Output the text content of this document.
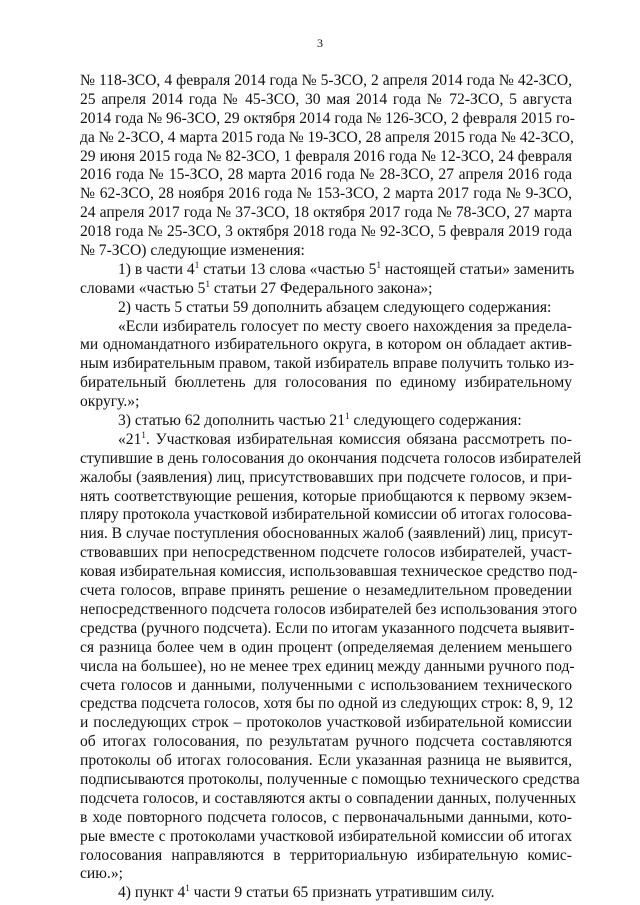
3
№ 118-ЗСО, 4 февраля 2014 года № 5-ЗСО, 2 апреля 2014 года № 42-ЗСО,
25 апреля 2014 года № 45-ЗСО, 30 мая 2014 года № 72-ЗСО, 5 августа
2014 года № 96-ЗСО, 29 октября 2014 года № 126-ЗСО, 2 февраля 2015 го-
да № 2-ЗСО, 4 марта 2015 года № 19-ЗСО, 28 апреля 2015 года № 42-ЗСО,
29 июня 2015 года № 82-ЗСО, 1 февраля 2016 года № 12-ЗСО, 24 февраля
2016 года № 15-ЗСО, 28 марта 2016 года № 28-ЗСО, 27 апреля 2016 года
№ 62-ЗСО, 28 ноября 2016 года № 153-ЗСО, 2 марта 2017 года № 9-ЗСО,
24 апреля 2017 года № 37-ЗСО, 18 октября 2017 года № 78-ЗСО, 27 марта
2018 года № 25-ЗСО, 3 октября 2018 года № 92-ЗСО, 5 февраля 2019 года
№ 7-ЗСО) следующие изменения:
1) в части $4^1$ статьи 13 слова «частью $5^1$ настоящей статьи» заменить
словами «частью $5^1$ статьи 27 Федерального закона»;
2) часть 5 статьи 59 дополнить абзацем следующего содержания:
«Если избиратель голосует по месту своего нахождения за предела-
ми одномандатного избирательного округа, в котором он обладает актив-
ным избирательным правом, такой избиратель вправе получить только из-
бирательный бюллетень для голосования по единому избирательному
округу.»;
3) статью 62 дополнить частью $21^1$ следующего содержания:
«$21^1$. Участковая избирательная комиссия обязана рассмотреть по-
ступившие в день голосования до окончания подсчета голосов избирателей
жалобы (заявления) лиц, присутствовавших при подсчете голосов, и при-
нять соответствующие решения, которые приобщаются к первому экзем-
пляру протокола участковой избирательной комиссии об итогах голосова-
ния. В случае поступления обоснованных жалоб (заявлений) лиц, присут-
ствовавших при непосредственном подсчете голосов избирателей, участ-
ковая избирательная комиссия, использовавшая техническое средство под-
счета голосов, вправе принять решение о незамедлительном проведении
непосредственного подсчета голосов избирателей без использования этого
средства (ручного подсчета). Если по итогам указанного подсчета выявит-
ся разница более чем в один процент (определяемая делением меньшего
числа на большее), но не менее трех единиц между данными ручного под-
счета голосов и данными, полученными с использованием технического
средства подсчета голосов, хотя бы по одной из следующих строк: 8, 9, 12
и последующих строк – протоколов участковой избирательной комиссии
об итогах голосования, по результатам ручного подсчета составляются
протоколы об итогах голосования. Если указанная разница не выявится,
подписываются протоколы, полученные с помощью технического средства
подсчета голосов, и составляются акты о совпадении данных, полученных
в ходе повторного подсчета голосов, с первоначальными данными, кото-
рые вместе с протоколами участковой избирательной комиссии об итогах
голосования направляются в территориальную избирательную комис-
сию.»;
4) пункт $4^1$ части 9 статьи 65 признать утратившим силу.
